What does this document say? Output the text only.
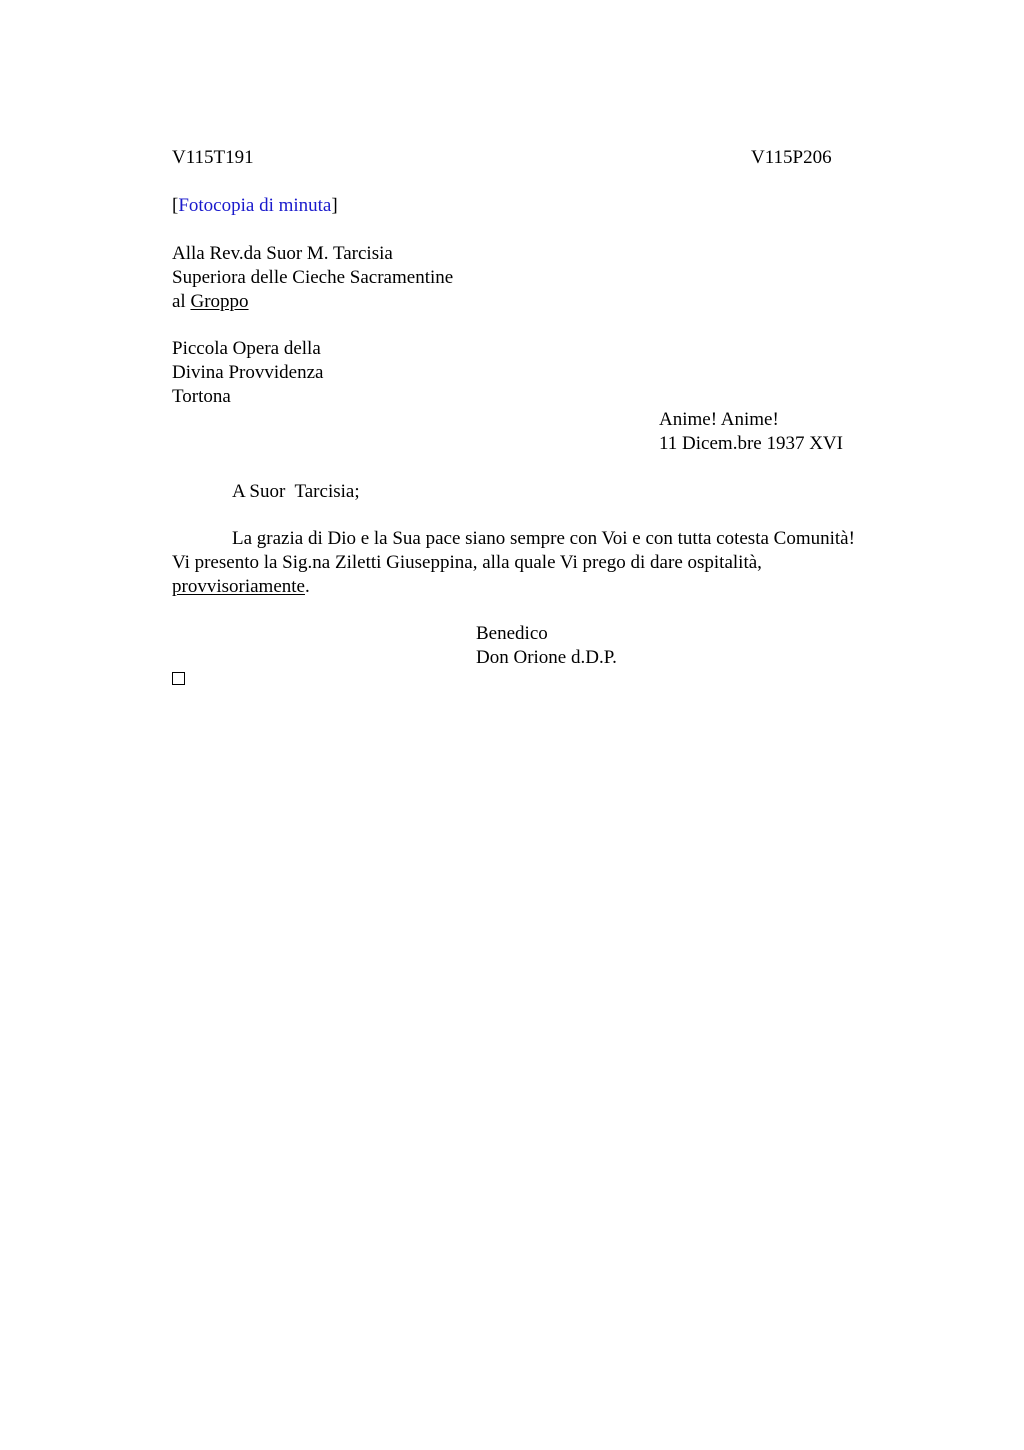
V115T191	V115P206
[Fotocopia di minuta]
Alla Rev.da Suor M. Tarcisia
Superiora delle Cieche Sacramentine
al Groppo
Piccola Opera della
Divina Provvidenza
Tortona
Anime! Anime!
11 Dicem.bre 1937 XVI
A Suor  Tarcisia;
La grazia di Dio e la Sua pace siano sempre con Voi e con tutta cotesta Comunità!
Vi presento la Sig.na Ziletti Giuseppina, alla quale Vi prego di dare ospitalità,
provvisoriamente.
Benedico
Don Orione d.D.P.
